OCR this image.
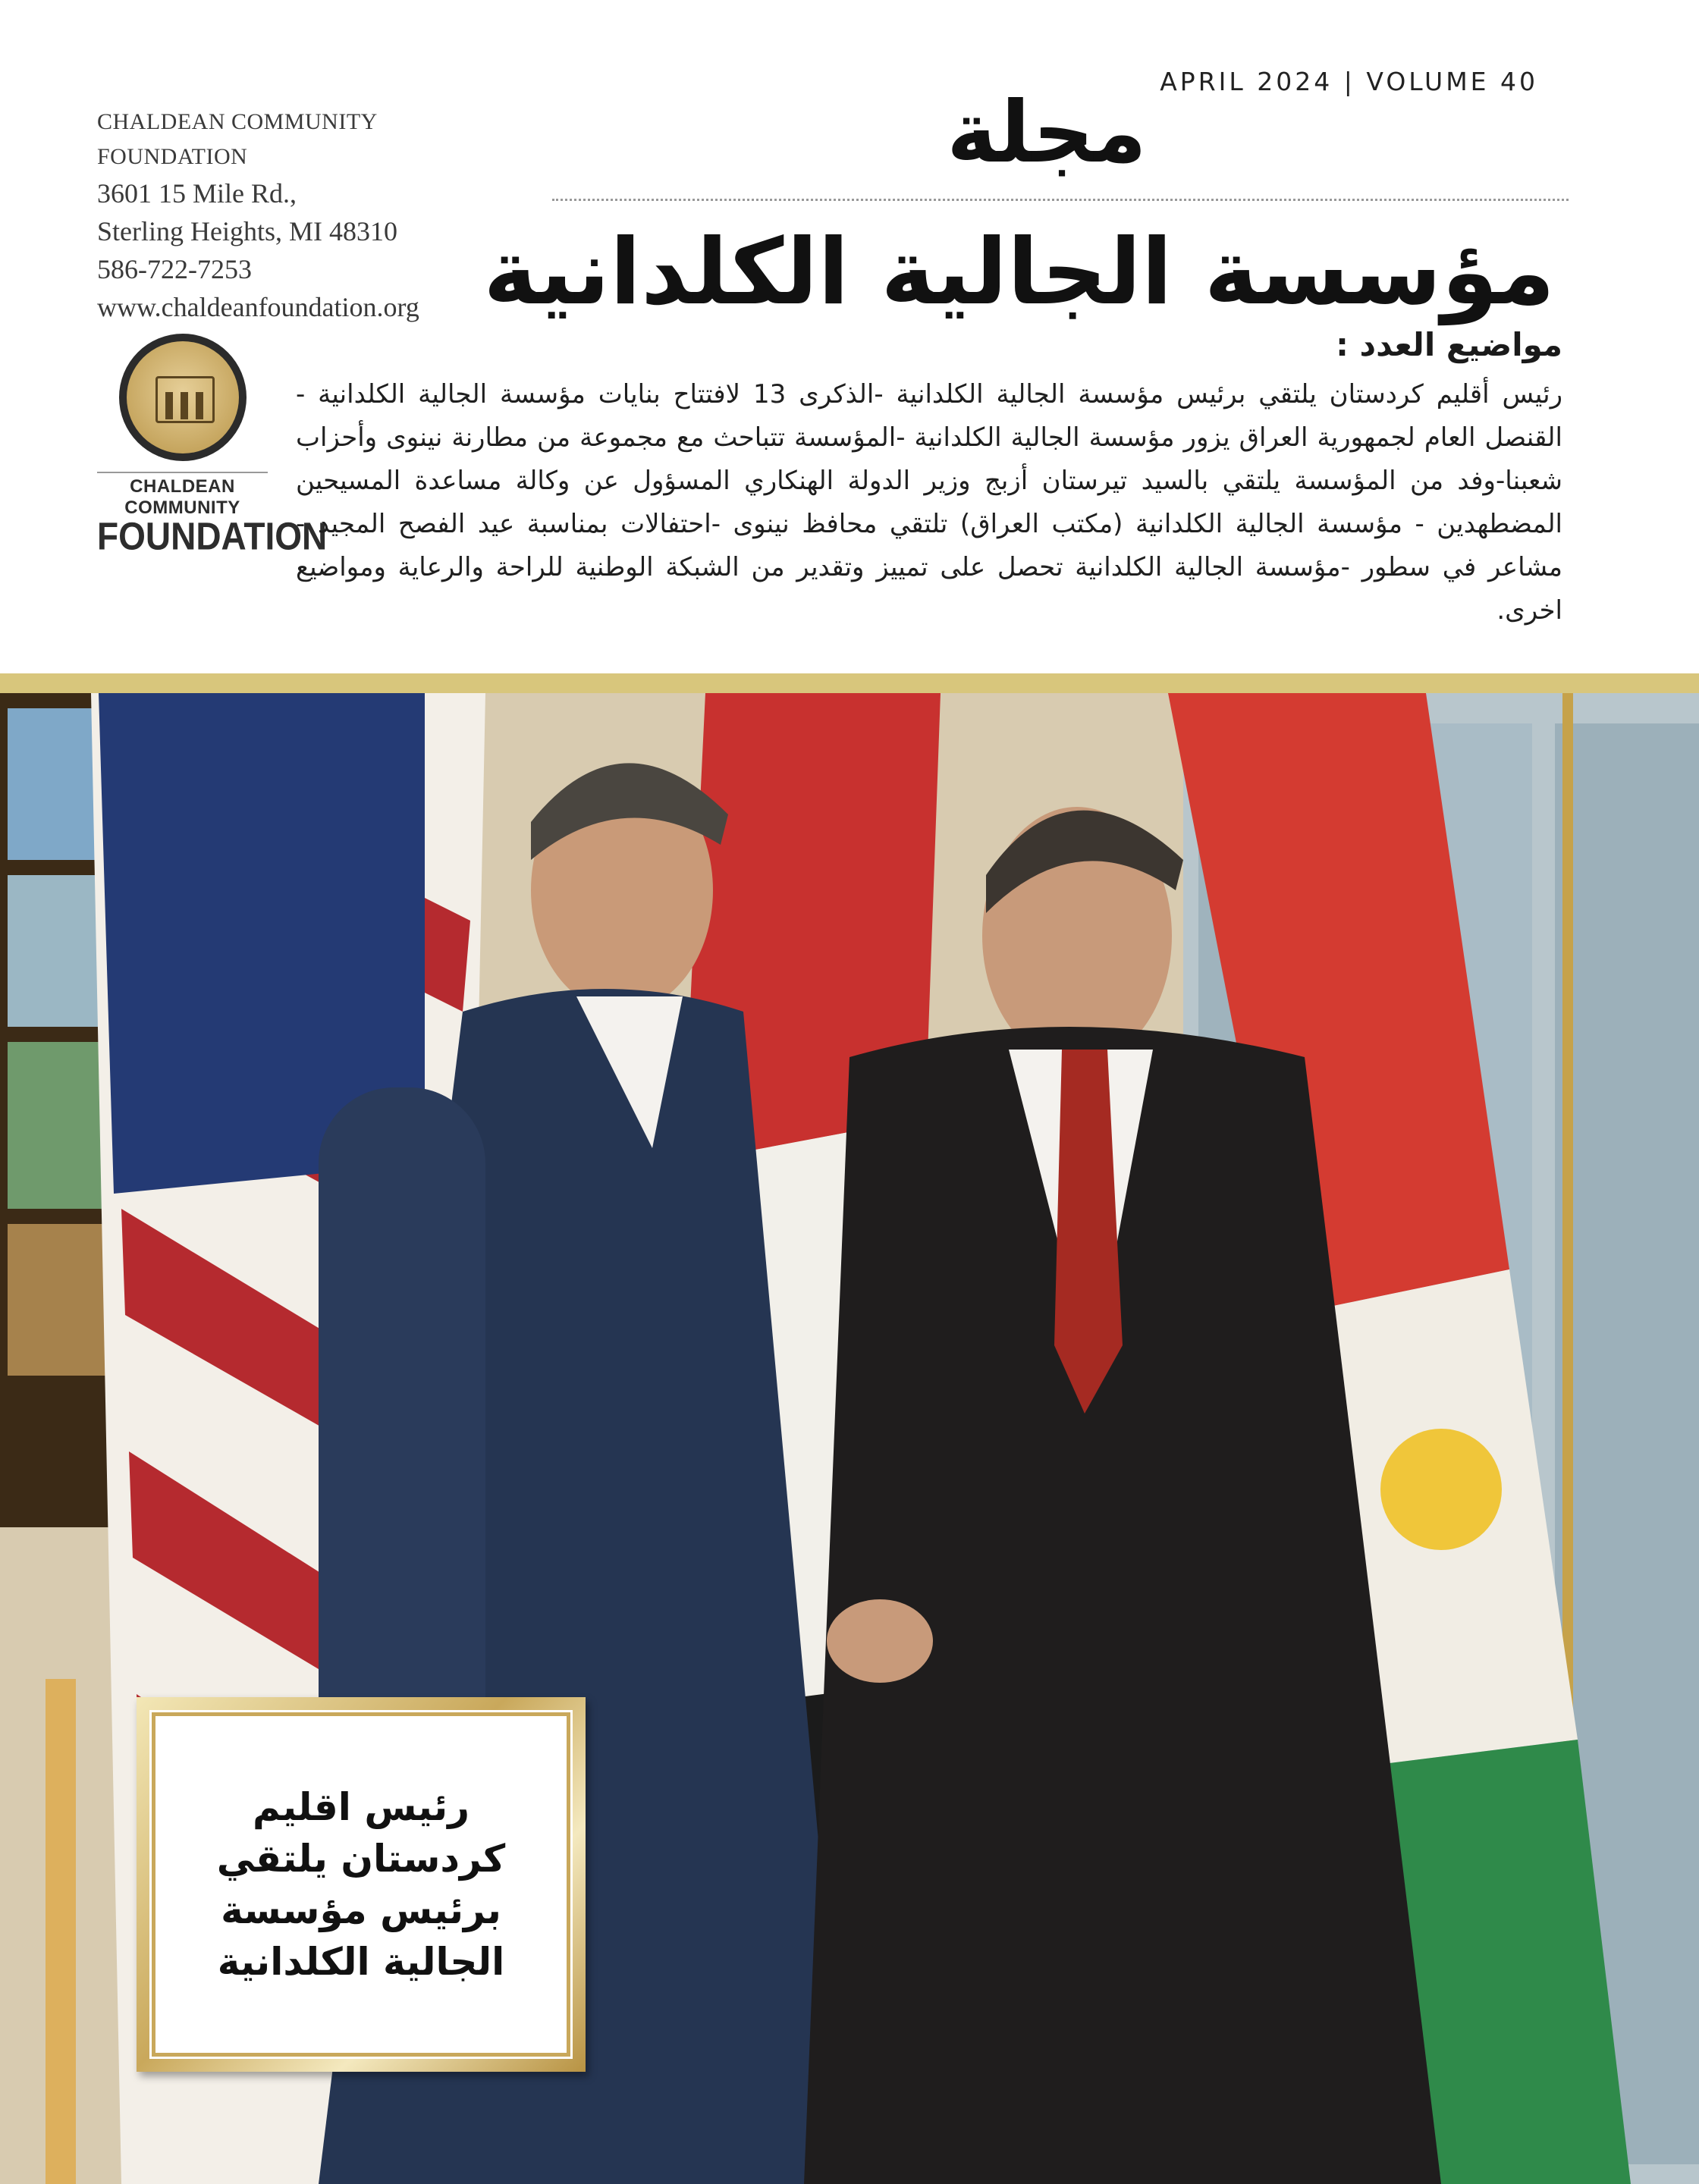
CHALDEAN COMMUNITY FOUNDATION
3601 15 Mile Rd.,
Sterling Heights, MI 48310
586-722-7253
www.chaldeanfoundation.org
APRIL 2024 | VOLUME 40
مجلة
مؤسسة الجالية الكلدانية
CHALDEAN COMMUNITY
FOUNDATION
مواضيع العدد :
رئيس أقليم كردستان يلتقي برئيس مؤسسة الجالية الكلدانية -الذكرى 13 لافتتاح بنايات مؤسسة الجالية الكلدانية - القنصل العام لجمهورية العراق يزور مؤسسة الجالية الكلدانية -المؤسسة تتباحث مع مجموعة من مطارنة نينوى وأحزاب شعبنا-وفد من المؤسسة يلتقي بالسيد تيرستان أزبج وزير الدولة الهنكاري المسؤول عن وكالة مساعدة المسيحين المضطهدين - مؤسسة الجالية الكلدانية (مكتب العراق) تلتقي محافظ نينوى -احتفالات بمناسبة عيد الفصح المجيد - مشاعر في سطور -مؤسسة الجالية الكلدانية تحصل على تمييز وتقدير من الشبكة الوطنية للراحة والرعاية ومواضيع اخرى.
رئيس اقليم
كردستان يلتقي
برئيس مؤسسة
الجالية الكلدانية
